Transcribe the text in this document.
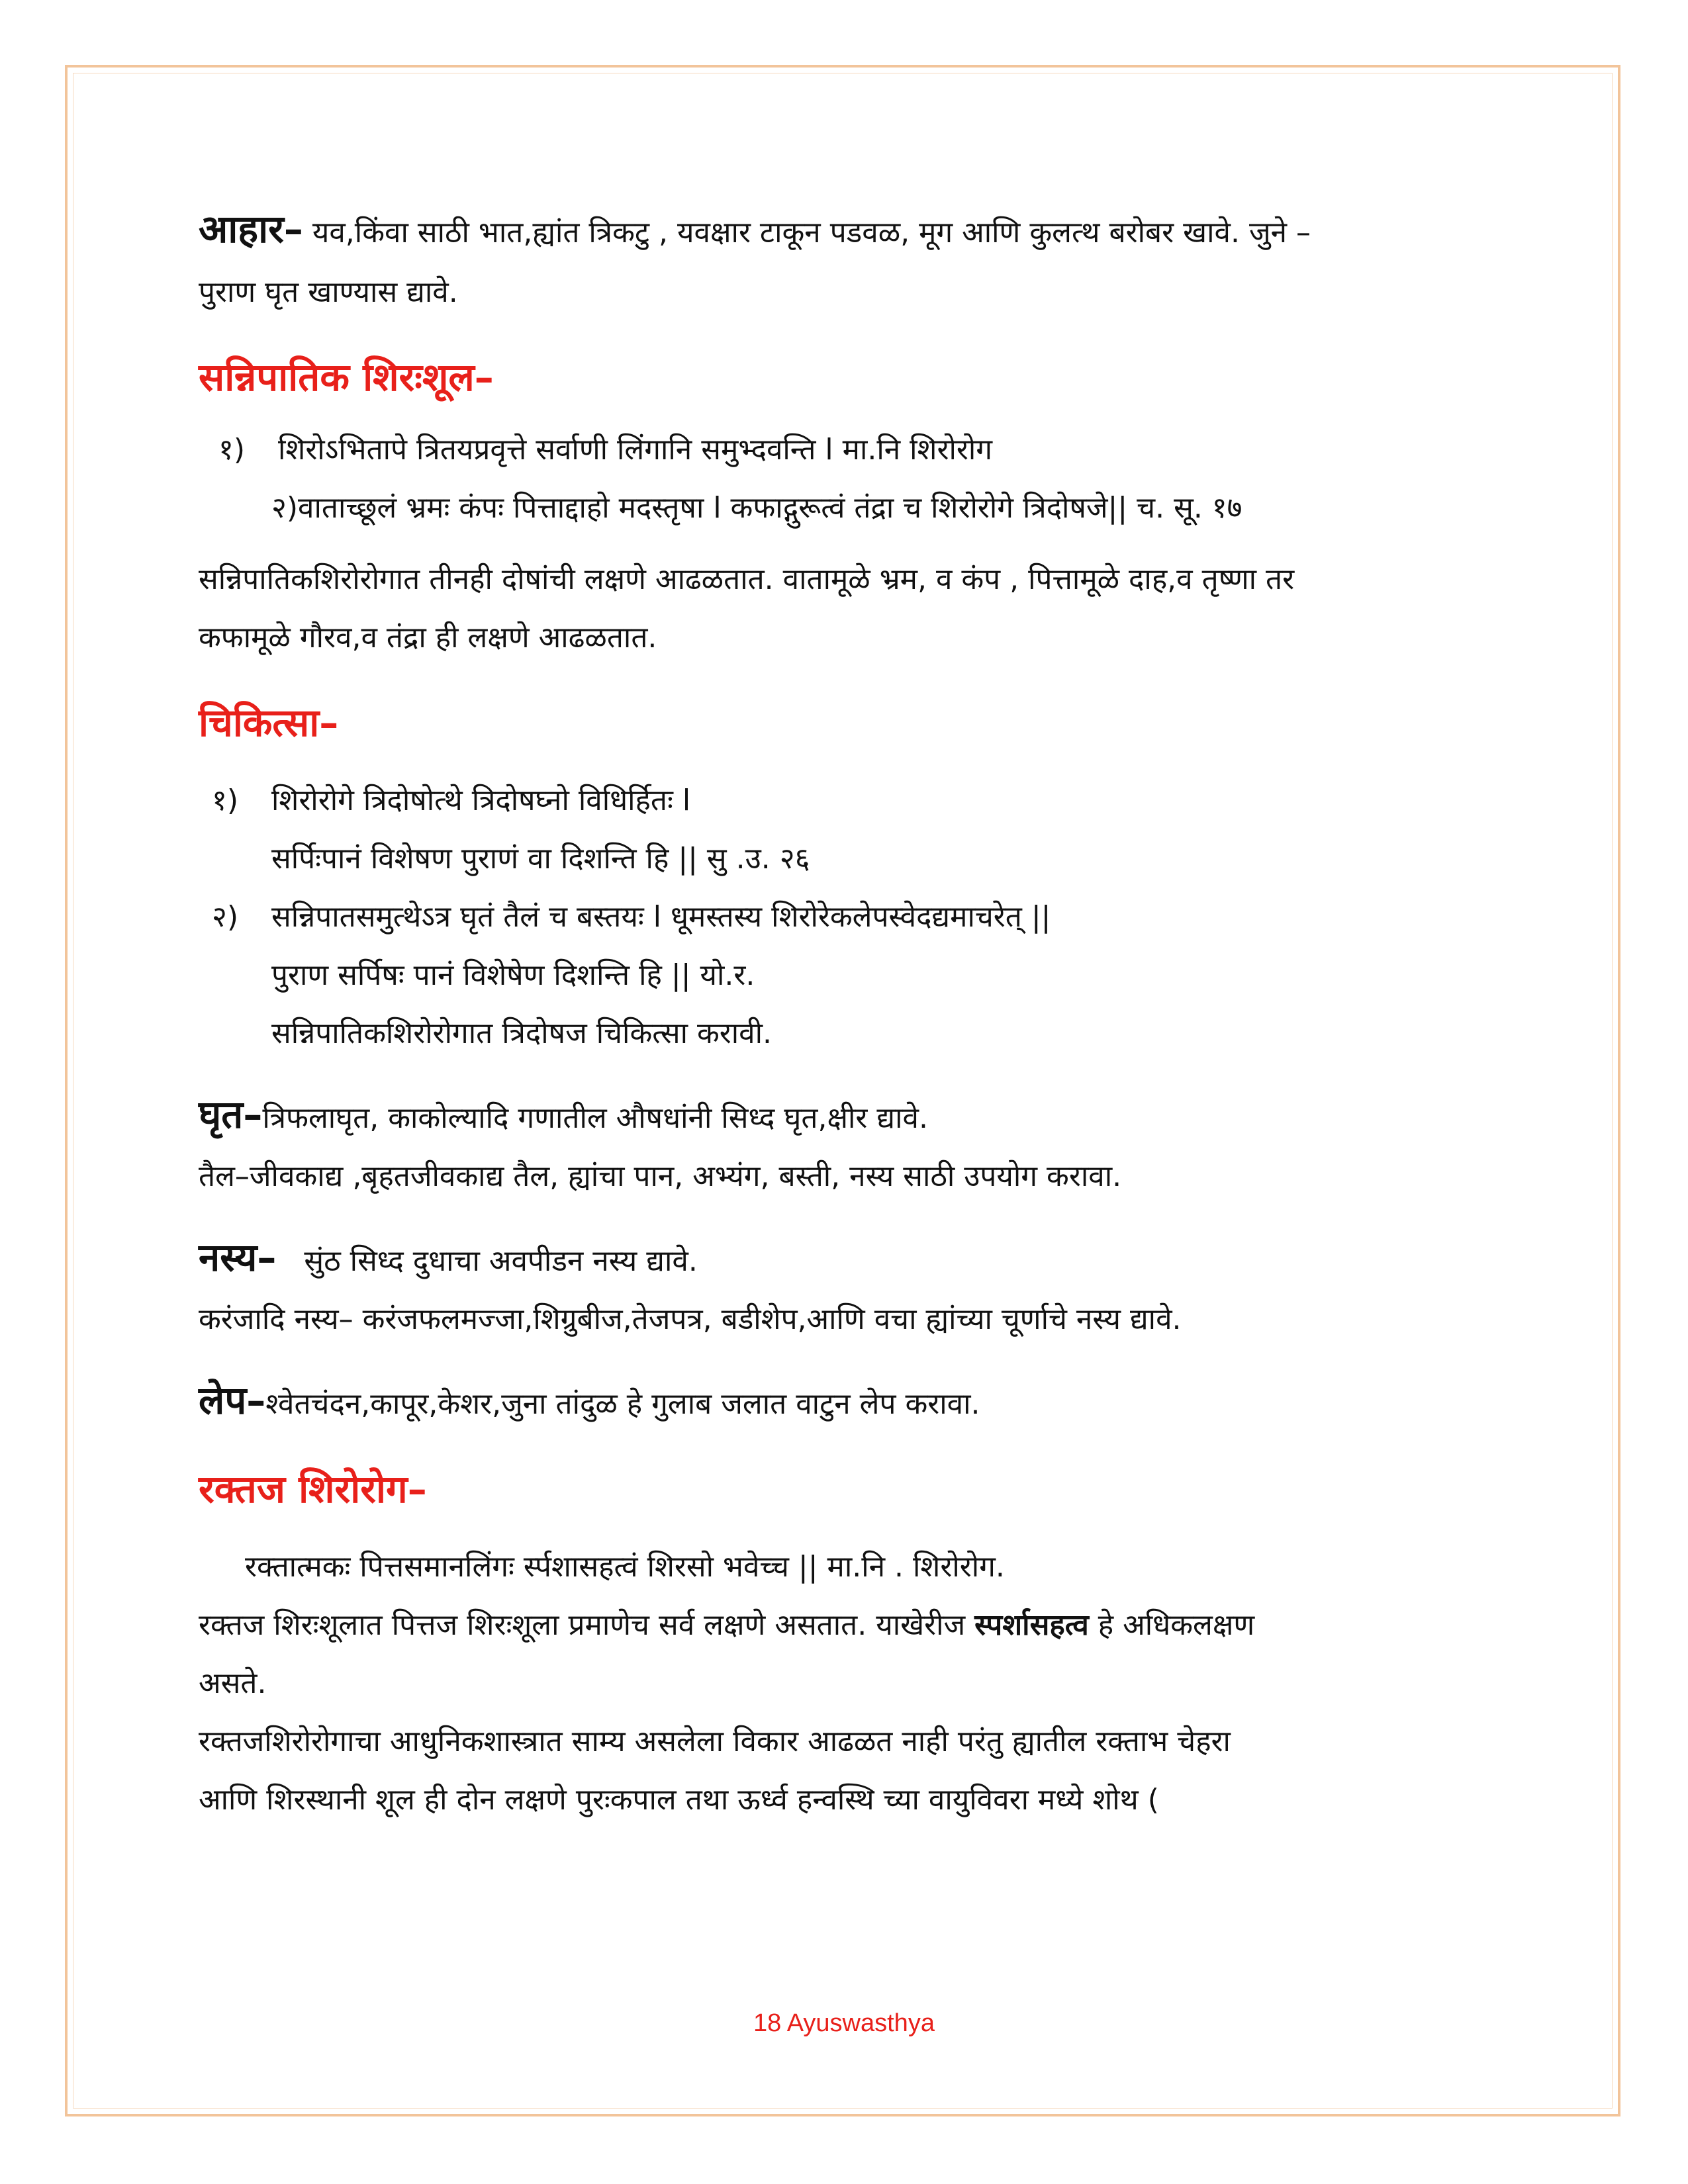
आहार– यव,किंवा साठी भात,ह्यांत त्रिकटु , यवक्षार टाकून पडवळ, मूग आणि कुलत्थ बरोबर खावे. जुने –

पुराण घृत खाण्यास द्यावे.

सन्निपातिक शिरःशूल–

१)	शिरोऽभितापे त्रितयप्रवृत्ते सर्वाणी लिंगानि समुभ्दवन्ति l मा.नि शिरोरोग
२)वाताच्छूलं भ्रमः कंपः पित्ताद्दाहो मदस्तृषा l कफाद्गुरूत्वं तंद्रा च शिरोरोगे त्रिदोषजे|| च. सू. १७

सन्निपातिकशिरोरोगात तीनही दोषांची लक्षणे आढळतात. वातामूळे भ्रम, व कंप , पित्तामूळे दाह,व तृष्णा तर

कफामूळे गौरव,व तंद्रा ही लक्षणे आढळतात.

चिकित्सा–

१)	शिरोरोगे त्रिदोषोत्थे त्रिदोषघ्नो विधिर्हितः l
सर्पिःपानं विशेषण पुराणं वा दिशन्ति हि || सु .उ. २६
२)	सन्निपातसमुत्थेऽत्र घृतं तैलं च बस्तयः l धूमस्तस्य शिरोरेकलेपस्वेदद्यमाचरेत् ||
पुराण सर्पिषः पानं विशेषेण दिशन्ति हि || यो.र.
सन्निपातिकशिरोरोगात त्रिदोषज चिकित्सा करावी.

घृत–त्रिफलाघृत, काकोल्यादि गणातील औषधांनी सिध्द घृत,क्षीर द्यावे.

तैल–जीवकाद्य ,बृहतजीवकाद्य तैल, ह्यांचा पान, अभ्यंग, बस्ती, नस्य साठी उपयोग करावा.

नस्य– सुंठ सिध्द दुधाचा अवपीडन नस्य द्यावे.

करंजादि नस्य– करंजफलमज्जा,शिग्रुबीज,तेजपत्र, बडीशेप,आणि वचा ह्यांच्या चूर्णाचे नस्य द्यावे.

लेप–श्वेतचंदन,कापूर,केशर,जुना तांदुळ हे गुलाब जलात वाटुन लेप करावा.

रक्तज शिरोरोग–

रक्तात्मकः पित्तसमानलिंगः र्स्पशासहत्वं शिरसो भवेच्च || मा.नि . शिरोरोग.

रक्तज शिरःशूलात पित्तज शिरःशूला प्रमाणेच सर्व लक्षणे असतात. याखेरीज स्पर्शासहत्व हे अधिकलक्षण

असते.

रक्तजशिरोरोगाचा आधुनिकशास्त्रात साम्य असलेला विकार आढळत नाही परंतु ह्यातील रक्ताभ चेहरा

आणि शिरस्थानी शूल ही दोन लक्षणे पुरःकपाल तथा ऊर्ध्व हन्वस्थि च्या वायुविवरा मध्ये शोथ (

18 Ayuswasthya
